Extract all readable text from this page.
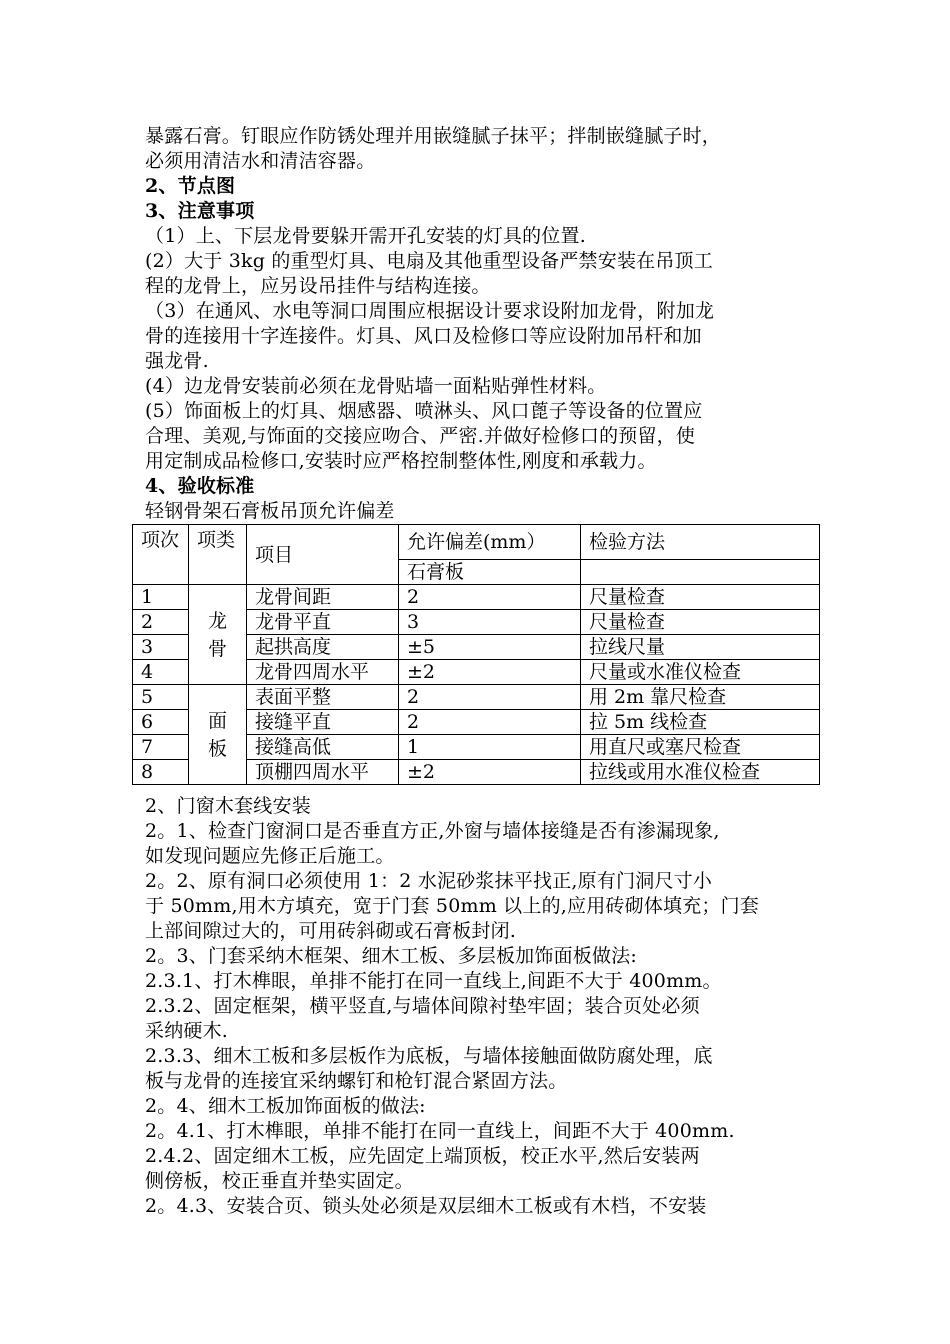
暴露石膏。钉眼应作防锈处理并用嵌缝腻子抹平；拌制嵌缝腻子时，
必须用清洁水和清洁容器。
2、节点图
3、注意事项
（1）上、下层龙骨要躲开需开孔安装的灯具的位置.
(2）大于 3kg 的重型灯具、电扇及其他重型设备严禁安装在吊顶工
程的龙骨上，应另设吊挂件与结构连接。
（3）在通风、水电等洞口周围应根据设计要求设附加龙骨，附加龙
骨的连接用十字连接件。灯具、风口及检修口等应设附加吊杆和加
强龙骨.
(4）边龙骨安装前必须在龙骨贴墙一面粘贴弹性材料。
(5）饰面板上的灯具、烟感器、喷淋头、风口蓖子等设备的位置应
合理、美观,与饰面的交接应吻合、严密.并做好检修口的预留，使
用定制成品检修口,安装时应严格控制整体性,刚度和承载力。
4、验收标准
轻钢骨架石膏板吊顶允许偏差
项次	项类	项目	允许偏差(mm）	检验方法
			石膏板	
1	龙骨	龙骨间距	2	尺量检查
2		龙骨平直	3	尺量检查
3		起拱高度	±5	拉线尺量
4		龙骨四周水平	±2	尺量或水准仪检查
5	面板	表面平整	2	用 2m 靠尺检查
6		接缝平直	2	拉 5m 线检查
7		接缝高低	1	用直尺或塞尺检查
8		顶棚四周水平	±2	拉线或用水准仪检查
2、门窗木套线安装
2。1、检查门窗洞口是否垂直方正,外窗与墙体接缝是否有渗漏现象,
如发现问题应先修正后施工。
2。2、原有洞口必须使用 1：2 水泥砂浆抹平找正,原有门洞尺寸小
于 50mm,用木方填充，宽于门套 50mm 以上的,应用砖砌体填充；门套
上部间隙过大的，可用砖斜砌或石膏板封闭.
2。3、门套采纳木框架、细木工板、多层板加饰面板做法:
2.3.1、打木榫眼，单排不能打在同一直线上,间距不大于 400mm。
2.3.2、固定框架，横平竖直,与墙体间隙衬垫牢固；装合页处必须
采纳硬木.
2.3.3、细木工板和多层板作为底板，与墙体接触面做防腐处理，底
板与龙骨的连接宜采纳螺钉和枪钉混合紧固方法。
2。4、细木工板加饰面板的做法:
2。4.1、打木榫眼，单排不能打在同一直线上，间距不大于 400mm.
2.4.2、固定细木工板，应先固定上端顶板，校正水平,然后安装两
侧傍板，校正垂直并垫实固定。
2。4.3、安装合页、锁头处必须是双层细木工板或有木档，不安装
